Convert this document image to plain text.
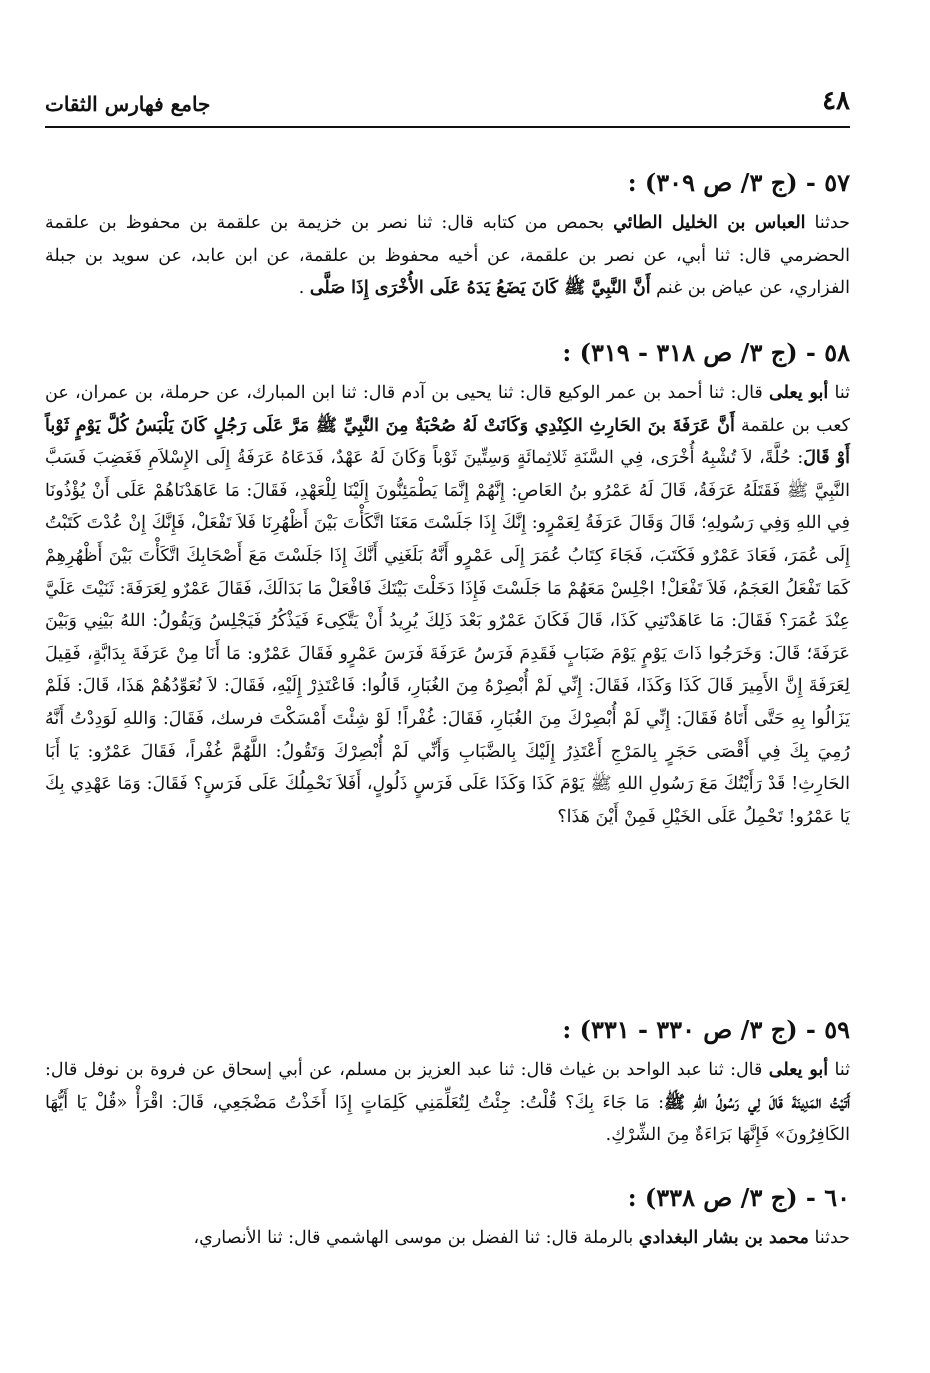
٤٨
جامع فهارس الثقات
٥٧ - (ج ٣/ ص ٣٠٩) :

حدثنا العباس بن الخليل الطائي بحمص من كتابه قال: ثنا نصر بن خزيمة بن علقمة بن محفوظ بن علقمة الحضرمي قال: ثنا أبي، عن نصر بن علقمة، عن أخيه محفوظ بن علقمة، عن ابن عابد، عن سويد بن جبلة الفزاري، عن عياض بن غنم أَنَّ النَّبِيَّ ﷺ كَانَ يَضَعُ يَدَهُ عَلَى الأُخْرَى إِذَا صَلَّى .

٥٨ - (ج ٣/ ص ٣١٨ - ٣١٩) :

ثنا أبو يعلى قال: ثنا أحمد بن عمر الوكيع قال: ثنا يحيى بن آدم قال: ثنا ابن المبارك، عن حرملة، بن عمران، عن كعب بن علقمة أَنَّ عَرَفَةَ بنَ الحَارِثِ الكِنْدِي وَكَانَتْ لَهُ صُحْبَةٌ مِنَ النَّبِيِّ ﷺ مَرَّ عَلَى رَجُلٍ كَانَ يَلْبَسُ كُلَّ يَوْمٍ ثَوْباً أَوْ قَالَ: حُلَّةً، لاَ تُشْبِهُ أُخْرَى، فِي السَّنَةِ ثَلاثِمائَةٍ وَسِتِّينَ ثَوْباً وَكَانَ لَهُ عَهْدٌ، فَدَعَاهُ عَرَفَةُ إِلَى الإِسْلاَمِ فَغَضِبَ فَسَبَّ النَّبِيَّ ﷺ فَقَتَلَهُ عَرَفَةُ، قَالَ لَهُ عَمْرُو بنُ العَاصِ: إِنَّهُمْ إِنَّمَا يَطْمَئِنُّونَ إِلَيْنَا لِلْعَهْدِ، فَقَالَ: مَا عَاهَدْنَاهُمْ عَلَى أَنْ يُؤْذُونَا فِي اللهِ وَفِي رَسُولِهِ؛ قَالَ وَقَالَ عَرَفَةُ لِعَمْرٍو: إِنَّكَ إِذَا جَلَسْتَ مَعَنَا اتَّكَأْتَ بَيْنَ أَظْهُرِنَا فَلاَ تَفْعَلْ، فَإِنَّكَ إِنْ عُدْتَ كَتَبْتُ إِلَى عُمَرَ، فَعَادَ عَمْرٌو فَكَتَبَ، فَجَاءَ كِتَابُ عُمَرَ إِلَى عَمْرٍو أَنَّهُ بَلَغَنِي أَنَّكَ إِذَا جَلَسْتَ مَعَ أَصْحَابِكَ اتَّكَأْتَ بَيْنَ أَظْهُرِهِمْ كَمَا تَفْعَلُ العَجَمُ، فَلاَ تَفْعَلْ! اجْلِسْ مَعَهُمْ مَا جَلَسْتَ فَإِذَا دَخَلْتَ بَيْتَكَ فَافْعَلْ مَا بَدَالَكَ، فَقَالَ عَمْرٌو لِعَرَفَةَ: ثَنَيْتَ عَلَيَّ عِنْدَ عُمَرَ؟ فَقَالَ: مَا عَاهَدْتَنِي كَذَا، قَالَ فَكَانَ عَمْرٌو بَعْدَ ذَلِكَ يُرِيدُ أَنْ يَتَّكِىءَ فَيَذْكُرُ فَيَجْلِسُ وَيَقُولُ: اللهُ بَيْنِي وَبَيْنَ عَرَفَةَ؛ قَالَ: وَخَرَجُوا ذَاتَ يَوْمٍ يَوْمَ ضَبَابٍ فَقَدِمَ فَرَسُ عَرَفَةَ فَرَسَ عَمْرٍو فَقَالَ عَمْرٌو: مَا أَنَا مِنْ عَرَفَةَ بِدَابَّةٍ، فَقِيلَ لِعَرَفَةَ إِنَّ الأَمِيرَ قَالَ كَذَا وَكَذَا، فَقَالَ: إِنِّي لَمْ أُبْصِرْهُ مِنَ الغُبَارِ، قَالُوا: فَاعْتَذِرْ إِلَيْهِ، فَقَالَ: لاَ نُعَوِّدُهُمْ هَذَا، قَالَ: فَلَمْ يَزَالُوا بِهِ حَتَّى أَتَاهُ فَقَالَ: إِنِّي لَمْ أُبْصِرْكَ مِنَ الغُبَارِ، فَقَالَ: غُفْراً! لَوْ شِئْتَ أَمْسَكْتَ فرسك، فَقَالَ: وَاللهِ لَوَدِدْتُ أَنَّهُ رُمِيَ بِكَ فِي أَقْصَى حَجَرٍ بِالمَرْجِ أَعْتَذِرُ إِلَيْكَ بِالضَّبَابِ وَأَنِّي لَمْ أُبْصِرْكَ وَتَقُولُ: اللَّهُمَّ غُفْراً، فَقَالَ عَمْرٌو: يَا أَبَا الحَارِثِ! قَدْ رَأَيْتُكَ مَعَ رَسُولِ اللهِ ﷺ يَوْمَ كَذَا وَكَذَا عَلَى فَرَسٍ ذَلُولٍ، أَفَلاَ نَحْمِلُكَ عَلَى فَرَسٍ؟ فَقَالَ: وَمَا عَهْدِي بِكَ يَا عَمْرُو! تَحْمِلُ عَلَى الخَيْلِ فَمِنْ أَيْنَ هَذَا؟

٥٩ - (ج ٣/ ص ٣٣٠ - ٣٣١) :

ثنا أبو يعلى قال: ثنا عبد الواحد بن غياث قال: ثنا عبد العزيز بن مسلم، عن أبي إسحاق عن فروة بن نوفل قال: أَتَيْتُ المَدِينَةَ قَالَ لِي رَسُولُ اللهِ ﷺ: مَا جَاءَ بِكَ؟ قُلْتُ: جِئْتُ لِتُعَلِّمَنِي كَلِمَاتٍ إِذَا أَخَذْتُ مَضْجَعِي، قَالَ: اقْرَأْ «قُلْ يَا أَيُّهَا الكَافِرُونَ» فَإِنَّهَا بَرَاءَةٌ مِنَ الشِّرْكِ.

٦٠ - (ج ٣/ ص ٣٣٨) :

حدثنا محمد بن بشار البغدادي بالرملة قال: ثنا الفضل بن موسى الهاشمي قال: ثنا الأنصاري،
